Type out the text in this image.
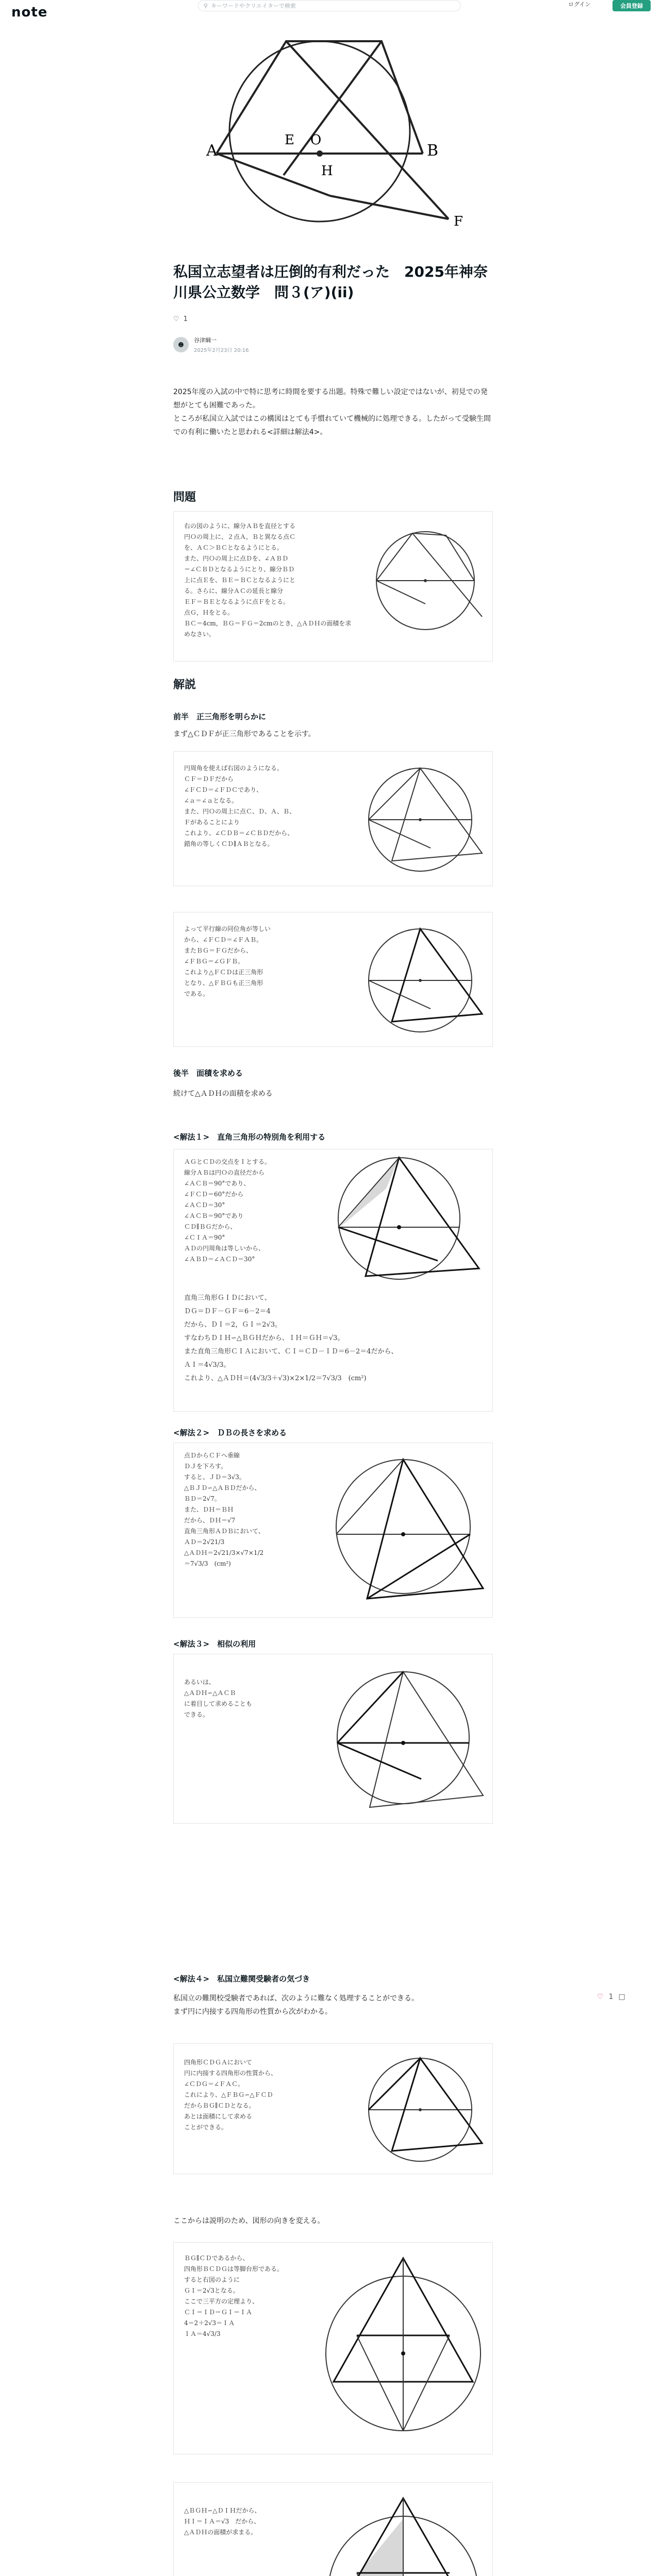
note	⚲ キーワードやクリエイターで検索	ログイン	会員登録
A	B
E O
H
F
私国立志望者は圧倒的有利だった　2025年神奈川県公立数学　問３(ア)(ii)
♡ 1
☻
谷津綱一
2025年2月23日 20:16

2025年度の入試の中で特に思考に時間を要する出題。特殊で難しい設定ではないが、初見での発想がとても困難であった。

ところが私国立入試ではこの構図はとても手慣れていて機械的に処理できる。したがって受験生間での有利に働いたと思われる<詳細は解法4>。

問題
右の図のように、線分ＡＢを直径とする
円Ｏの周上に、２点Ａ，Ｂと異なる点Ｃ
を、ＡＣ＞ＢＣとなるようにとる。
また、円Ｏの周上に点Ｄを、∠ＡＢＤ
＝∠ＣＢＤとなるようにとり、線分ＢＤ
上に点Ｅを、ＢＥ＝ＢＣとなるようにと
る。さらに、線分ＡＣの延長と線分
ＥＦ＝ＢＥとなるように点Ｆをとる。
点Ｇ，Ｈをとる。
ＢＣ＝4cm，ＢＧ＝ＦＧ＝2cmのとき，△ＡＤＨの面積を求めなさい。
解説
前半　正三角形を明らかに
まず△ＣＤＦが正三角形であることを示す。
円周角を使えば右図のようになる。
ＣＦ＝ＤＦだから
∠ＦＣＤ＝∠ＦＤＣであり、
∠ａ＝∠ａとなる。
また、円Ｏの周上に点Ｃ、Ｄ、Ａ、Ｂ、
Ｆがあることにより
これより、∠ＣＤＢ＝∠ＣＢＤだから、
錯角の等しくＣＤ∥ＡＢとなる。
よって平行線の同位角が等しい
から、∠ＦＣＤ＝∠ＦＡＢ。
またＢＧ＝ＦＧだから、
∠ＦＢＧ＝∠ＧＦＢ。
これより△ＦＣＤは正三角形
となり、△ＦＢＧも正三角形
である。
後半　面積を求める
続けて△ＡＤＨの面積を求める
<解法１>　直角三角形の特別角を利用する
ＡＧとＣＤの交点をＩとする。
線分ＡＢは円Ｏの直径だから
∠ＡＣＢ＝90°であり、
∠ＦＣＤ＝60°だから
∠ＡＣＤ＝30°
∠ＡＣＢ＝90°であり
ＣＤ∥ＢＧだから、
∠ＣＩＡ＝90°
ＡＤの円周角は等しいから、
∠ＡＢＤ＝∠ＡＣＤ＝30°
直角三角形ＧＩＤにおいて、
ＤＧ＝ＤＦ－ＧＦ＝6－2＝4
だから、ＤＩ＝2，ＧＩ＝2√3。
すなわちＤＩＨ∽△ＢＧＨだから、ＩＨ＝ＧＨ＝√3。
また直角三角形ＣＩＡにおいて、ＣＩ＝ＣＤ－ＩＤ＝6－2＝4だから、
ＡＩ＝4√3/3。
これより、△ＡＤＨ＝(4√3/3＋√3)×2×1/2＝7√3/3　(cm²)
<解法２>　ＤＢの長さを求める
点ＤからＣＦへ垂線
ＤＪを下ろす。
すると、ＪＤ＝3√3。
△ＢＪＤ∽△ＡＢＤだから、
ＢＤ＝2√7。
また、ＤＨ＝ＢＨ
だから、ＤＨ＝√7
直角三角形ＡＤＢにおいて、
ＡＤ＝2√21/3
△ＡＤＨ＝2√21/3×√7×1/2
＝7√3/3　(cm²)
<解法３>　相似の利用
あるいは、
△ＡＤＨ∽△ＡＣＢ
に着目して求めることも
できる。
<解法４>　私国立難関受験者の気づき

私国立の難関校受験者であれば、次のように難なく処理することができる。

まず円に内接する四角形の性質から次がわかる。

♡ 1 □
四角形ＣＤＧＡにおいて
円に内接する四角形の性質から、
∠ＣＤＧ＝∠ＦＡＣ。
これにより、△ＦＢＧ∽△ＦＣＤ
だからＢＧ∥ＣＤとなる。
あとは面積にして求める
ことができる。
ここからは説明のため、図形の向きを変える。
ＢＧ∥ＣＤであるから、
四角形ＢＣＤＧは等脚台形である。
すると右図のように
ＧＩ＝2√3となる。
ここで三平方の定理より、
ＣＩ＝ＩＤ＝ＧＩ＝ＩＡ
4＝2＋2√3＝ＩＡ
ＩＡ＝4√3/3
△ＢＧＨ∽△ＤＩＨだから、
ＨＩ＝ＩＡ＝√3　だから、
△ＡＤＨの面積が求まる。
